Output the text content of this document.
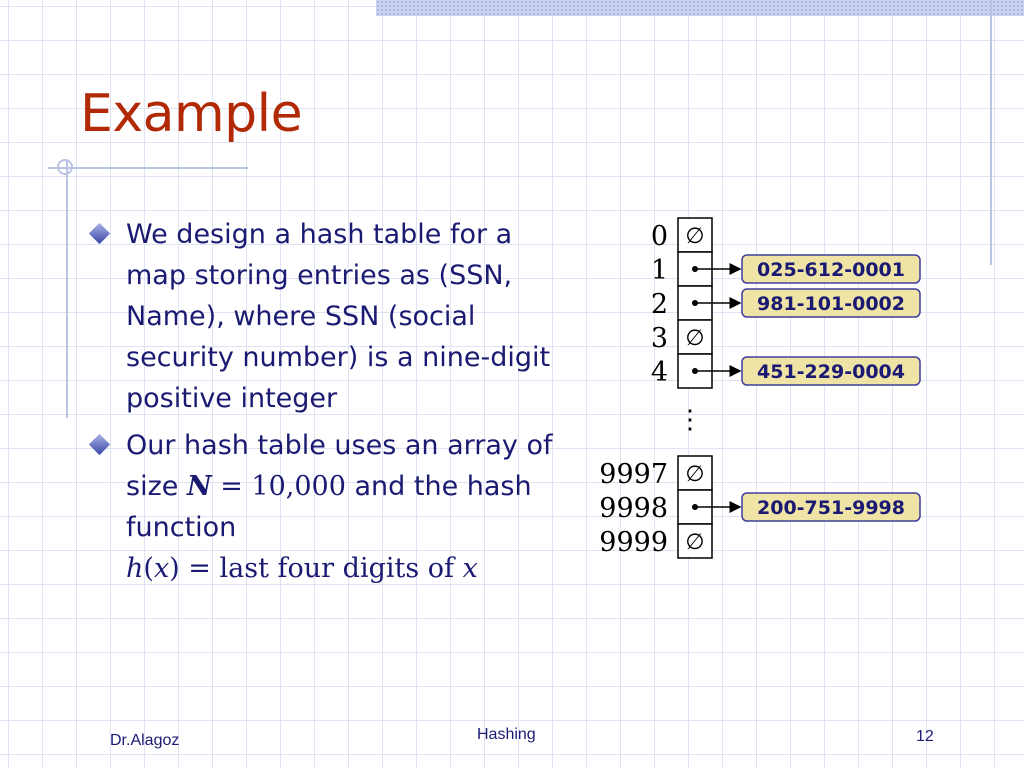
Example
We design a hash table for a map storing entries as (SSN, Name), where SSN (social security number) is a nine-digit positive integer
Our hash table uses an array of size N = 10,000 and the hash function
h(x) = last four digits of x
⋮
0 ∅
1	025-612-0001
2	981-101-0002
3 ∅
4	451-229-0004
9997 ∅
9998	200-751-9998
9999 ∅
Dr.Alagoz	Hashing	12
